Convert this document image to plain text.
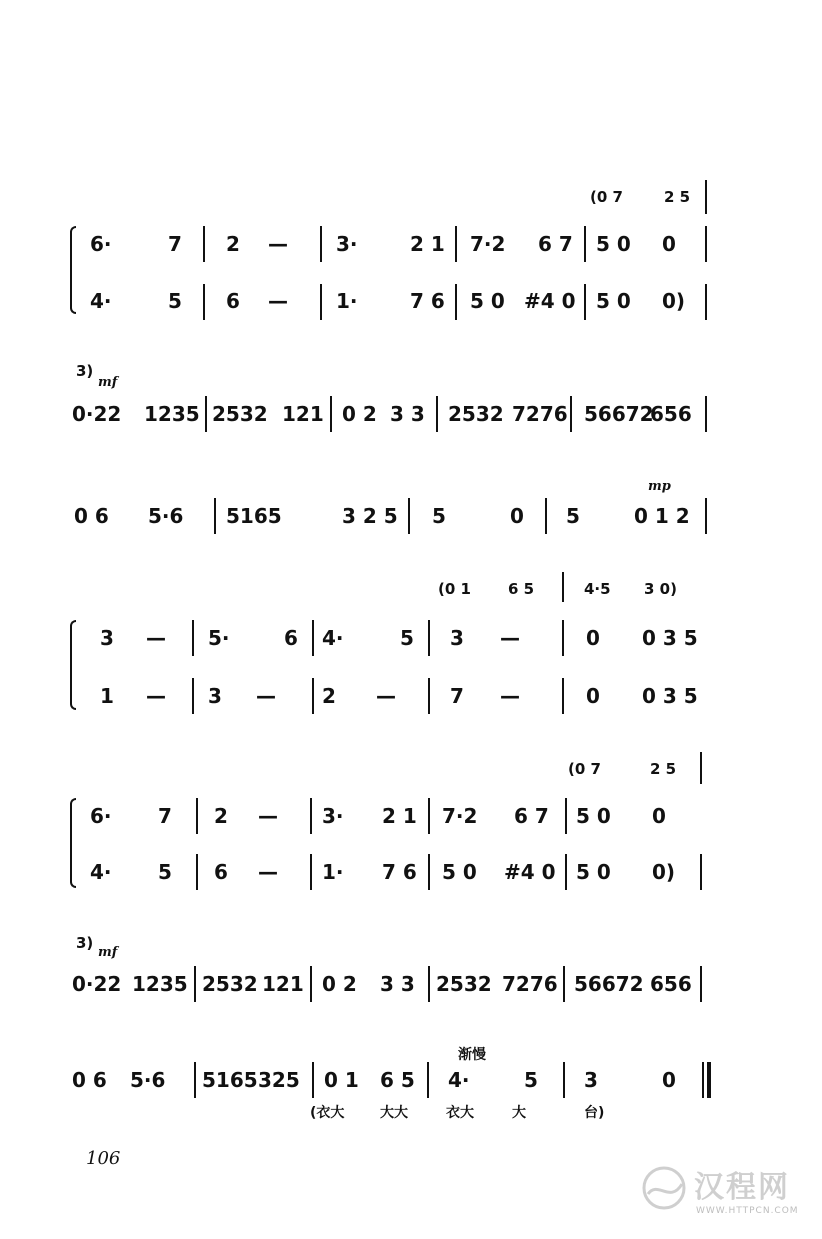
(0 7	2 5
6·	7 2 — 3·	2 1 7·2 6 7 5 0 0
4·	5 6 — 1·	7 6 5 0 #4 0 5 0 0)
3)
mf
0·22 1235 2532 121 0 2 3 3 2532 7276 56672
656
mp
0 6 5·6 5165	3 2 5 5	0 5	0 1 2
(0 1 6 5	4·5 3 0)
3 — 5·	6 4·	5 3 —	0 0 3 5
1 — 3 — 2 —	7 —	0 0 3 5
(0 7	2 5
6· 7 2 — 3· 2 1 7·2 6 7 5 0 0
4· 5 6 — 1· 7 6 5 0 #4 0 5 0 0)
3)
mf
0·22 1235 2532 121 0 2 3 3 2532 7276 56672 656
渐慢
0 6 5·6 5165 325 0 1 6 5 4·	5 3	0
(衣大	大大	衣大	大	台)
106
汉程网
WWW.HTTPCN.COM
